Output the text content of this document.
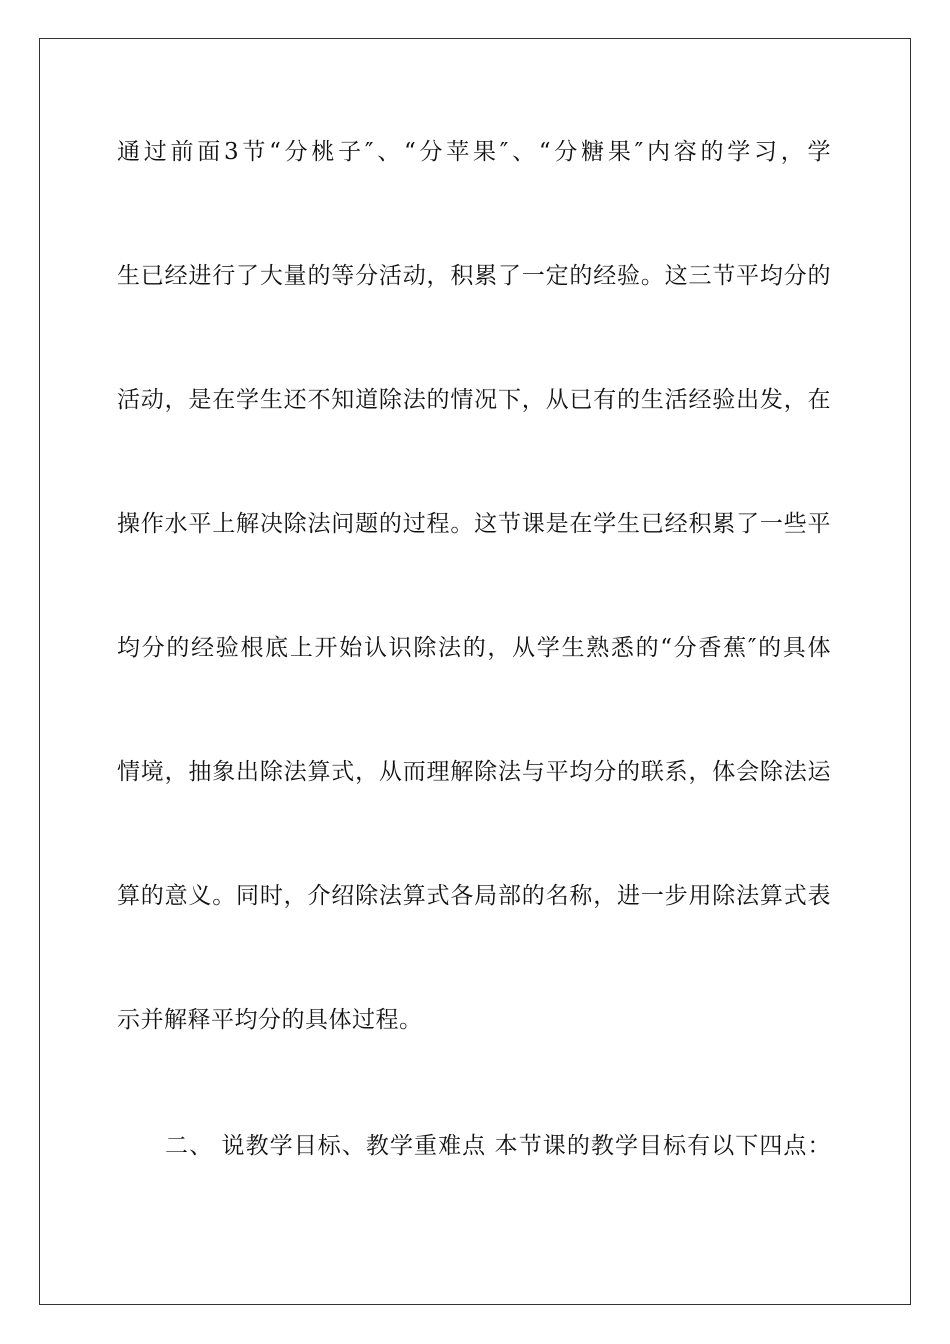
通过前面3节“分桃子″、“分苹果″、“分糖果″内容的学习，学
生已经进行了大量的等分活动，积累了一定的经验。这三节平均分的
活动，是在学生还不知道除法的情况下，从已有的生活经验出发，在
操作水平上解决除法问题的过程。这节课是在学生已经积累了一些平
均分的经验根底上开始认识除法的，从学生熟悉的“分香蕉″的具体
情境，抽象出除法算式，从而理解除法与平均分的联系，体会除法运
算的意义。同时，介绍除法算式各局部的名称，进一步用除法算式表
示并解释平均分的具体过程。
二、 说教学目标、教学重难点 本节课的教学目标有以下四点：
